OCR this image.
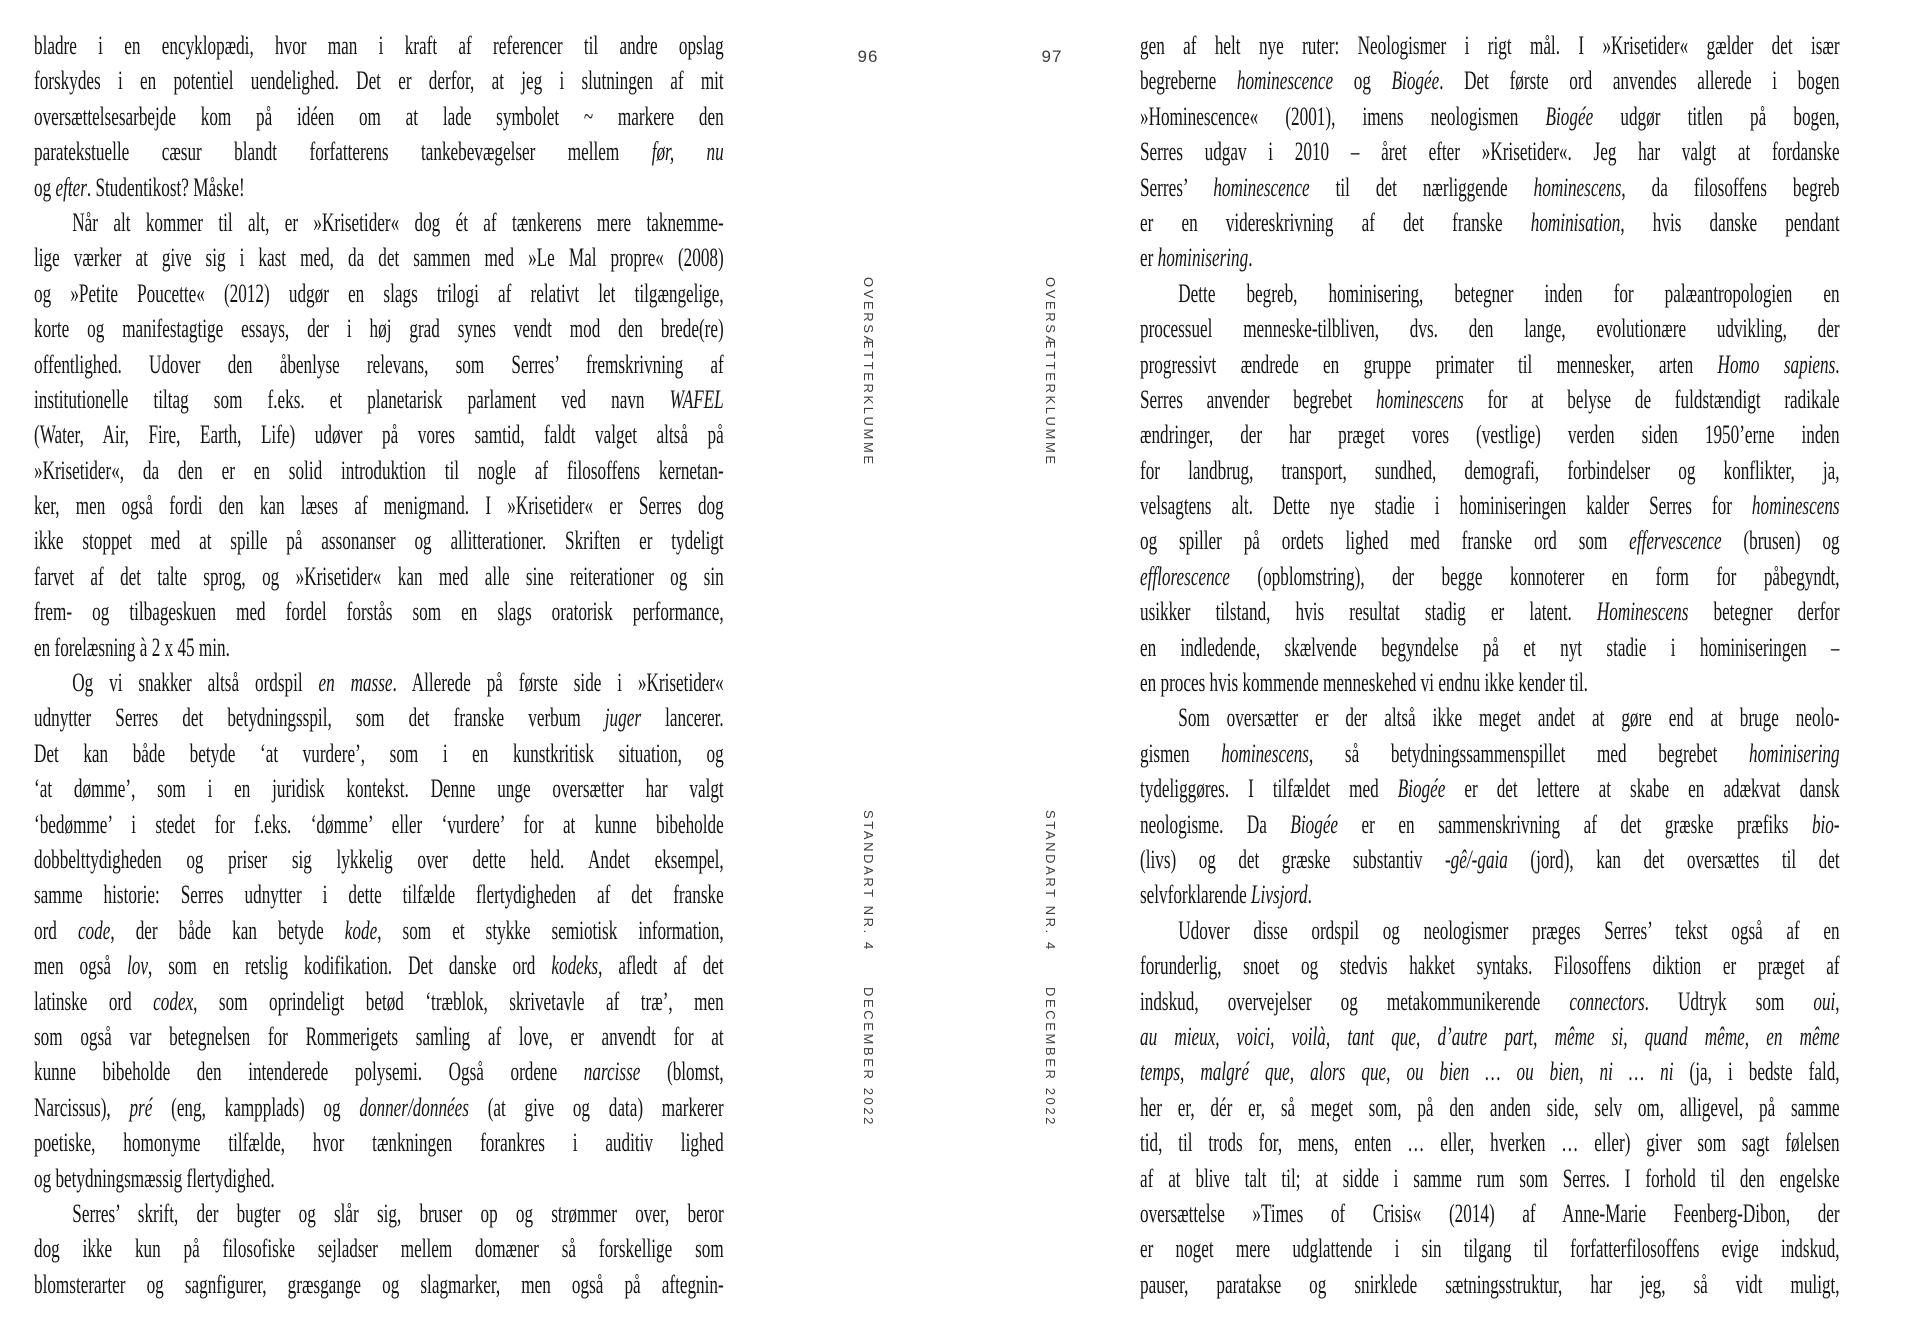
bladre i en encyklopædi, hvor man i kraft af referencer til andre opslag
forskydes i en potentiel uendelighed. Det er derfor, at jeg i slutningen af mit
oversættelsesarbejde kom på idéen om at lade symbolet ~ markere den
paratekstuelle cæsur blandt forfatterens tankebevægelser mellem før, nu
og efter. Studentikost? Måske!
Når alt kommer til alt, er »Krisetider« dog ét af tænkerens mere taknemme-
lige værker at give sig i kast med, da det sammen med »Le Mal propre« (2008)
og »Petite Poucette« (2012) udgør en slags trilogi af relativt let tilgængelige,
korte og manifestagtige essays, der i høj grad synes vendt mod den brede(re)
offentlighed. Udover den åbenlyse relevans, som Serres’ fremskrivning af
institutionelle tiltag som f.eks. et planetarisk parlament ved navn WAFEL
(Water, Air, Fire, Earth, Life) udøver på vores samtid, faldt valget altså på
»Krisetider«, da den er en solid introduktion til nogle af filosoffens kernetan-
ker, men også fordi den kan læses af menigmand. I »Krisetider« er Serres dog
ikke stoppet med at spille på assonanser og allitterationer. Skriften er tydeligt
farvet af det talte sprog, og »Krisetider« kan med alle sine reiterationer og sin
frem- og tilbageskuen med fordel forstås som en slags oratorisk performance,
en forelæsning à 2 x 45 min.
Og vi snakker altså ordspil en masse. Allerede på første side i »Krisetider«
udnytter Serres det betydningsspil, som det franske verbum juger lancerer.
Det kan både betyde ‘at vurdere’, som i en kunstkritisk situation, og
‘at dømme’, som i en juridisk kontekst. Denne unge oversætter har valgt
‘bedømme’ i stedet for f.eks. ‘dømme’ eller ‘vurdere’ for at kunne bibeholde
dobbelttydigheden og priser sig lykkelig over dette held. Andet eksempel,
samme historie: Serres udnytter i dette tilfælde flertydigheden af det franske
ord code, der både kan betyde kode, som et stykke semiotisk information,
men også lov, som en retslig kodifikation. Det danske ord kodeks, afledt af det
latinske ord codex, som oprindeligt betød ‘træblok, skrivetavle af træ’, men
som også var betegnelsen for Rommerigets samling af love, er anvendt for at
kunne bibeholde den intenderede polysemi. Også ordene narcisse (blomst,
Narcissus), pré (eng, kampplads) og donner/données (at give og data) markerer
poetiske, homonyme tilfælde, hvor tænkningen forankres i auditiv lighed
og betydningsmæssig flertydighed.
Serres’ skrift, der bugter og slår sig, bruser op og strømmer over, beror
dog ikke kun på filosofiske sejladser mellem domæner så forskellige som
blomsterarter og sagnfigurer, græsgange og slagmarker, men også på aftegnin-
gen af helt nye ruter: Neologismer i rigt mål. I »Krisetider« gælder det især
begreberne hominescence og Biogée. Det første ord anvendes allerede i bogen
»Hominescence« (2001), imens neologismen Biogée udgør titlen på bogen,
Serres udgav i 2010 – året efter »Krisetider«. Jeg har valgt at fordanske
Serres’ hominescence til det nærliggende hominescens, da filosoffens begreb
er en videreskrivning af det franske hominisation, hvis danske pendant
er hominisering.
Dette begreb, hominisering, betegner inden for palæantropologien en
processuel menneske-tilbliven, dvs. den lange, evolutionære udvikling, der
progressivt ændrede en gruppe primater til mennesker, arten Homo sapiens.
Serres anvender begrebet hominescens for at belyse de fuldstændigt radikale
ændringer, der har præget vores (vestlige) verden siden 1950’erne inden
for landbrug, transport, sundhed, demografi, forbindelser og konflikter, ja,
velsagtens alt. Dette nye stadie i hominiseringen kalder Serres for hominescens
og spiller på ordets lighed med franske ord som effervescence (brusen) og
efflorescence (opblomstring), der begge konnoterer en form for påbegyndt,
usikker tilstand, hvis resultat stadig er latent. Hominescens betegner derfor
en indledende, skælvende begyndelse på et nyt stadie i hominiseringen –
en proces hvis kommende menneskehed vi endnu ikke kender til.
Som oversætter er der altså ikke meget andet at gøre end at bruge neolo-
gismen hominescens, så betydningssammenspillet med begrebet hominisering
tydeliggøres. I tilfældet med Biogée er det lettere at skabe en adækvat dansk
neologisme. Da Biogée er en sammenskrivning af det græske præfiks bio-
(livs) og det græske substantiv -gê/-gaia (jord), kan det oversættes til det
selvforklarende Livsjord.
Udover disse ordspil og neologismer præges Serres’ tekst også af en
forunderlig, snoet og stedvis hakket syntaks. Filosoffens diktion er præget af
indskud, overvejelser og metakommunikerende connectors. Udtryk som oui,
au mieux, voici, voilà, tant que, d’autre part, même si, quand même, en même
temps, malgré que, alors que, ou bien … ou bien, ni … ni (ja, i bedste fald,
her er, dér er, så meget som, på den anden side, selv om, alligevel, på samme
tid, til trods for, mens, enten … eller, hverken … eller) giver som sagt følelsen
af at blive talt til; at sidde i samme rum som Serres. I forhold til den engelske
oversættelse »Times of Crisis« (2014) af Anne-Marie Feenberg-Dibon, der
er noget mere udglattende i sin tilgang til forfatterfilosoffens evige indskud,
pauser, paratakse og snirklede sætningsstruktur, har jeg, så vidt muligt,
96	97
OVERSÆTTERKLUMME
STANDART NR. 4
DECEMBER 2022
OVERSÆTTERKLUMME
STANDART NR. 4
DECEMBER 2022
